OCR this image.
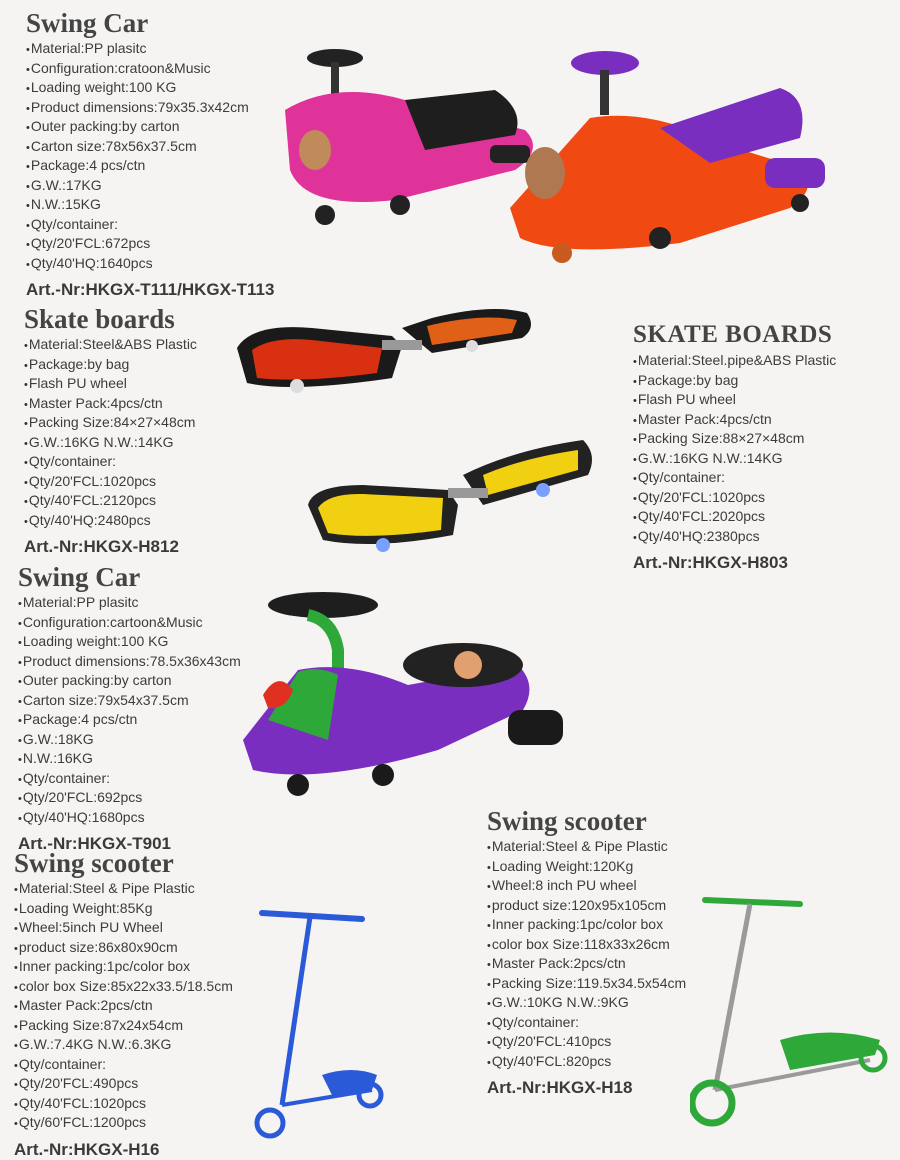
Swing Car
• Material:PP plasitc
• Configuration:cratoon&Music
• Loading weight:100 KG
• Product dimensions:79x35.3x42cm
• Outer packing:by carton
• Carton size:78x56x37.5cm
• Package:4 pcs/ctn
• G.W.:17KG
• N.W.:15KG
• Qty/container:
• Qty/20'FCL:672pcs
• Qty/40'HQ:1640pcs
Art.-Nr:HKGX-T111/HKGX-T113
Skate boards
• Material:Steel&ABS Plastic
• Package:by bag
• Flash PU wheel
• Master Pack:4pcs/ctn
• Packing Size:84×27×48cm
• G.W.:16KG N.W.:14KG
• Qty/container:
• Qty/20'FCL:1020pcs
• Qty/40'FCL:2120pcs
• Qty/40'HQ:2480pcs
Art.-Nr:HKGX-H812
SKATE BOARDS
• Material:Steel.pipe&ABS Plastic
• Package:by bag
• Flash PU wheel
• Master Pack:4pcs/ctn
• Packing Size:88×27×48cm
• G.W.:16KG N.W.:14KG
• Qty/container:
• Qty/20'FCL:1020pcs
• Qty/40'FCL:2020pcs
• Qty/40'HQ:2380pcs
Art.-Nr:HKGX-H803
Swing Car
• Material:PP plasitc
• Configuration:cartoon&Music
• Loading weight:100 KG
• Product dimensions:78.5x36x43cm
• Outer packing:by carton
• Carton size:79x54x37.5cm
• Package:4 pcs/ctn
• G.W.:18KG
• N.W.:16KG
• Qty/container:
• Qty/20'FCL:692pcs
• Qty/40'HQ:1680pcs
Art.-Nr:HKGX-T901
Swing scooter
• Material:Steel & Pipe Plastic
• Loading Weight:85Kg
• Wheel:5inch PU Wheel
• product size:86x80x90cm
• Inner packing:1pc/color box
• color box Size:85x22x33.5/18.5cm
• Master Pack:2pcs/ctn
• Packing Size:87x24x54cm
• G.W.:7.4KG N.W.:6.3KG
• Qty/container:
• Qty/20'FCL:490pcs
• Qty/40'FCL:1020pcs
• Qty/60'FCL:1200pcs
Art.-Nr:HKGX-H16
Swing scooter
• Material:Steel & Pipe Plastic
• Loading Weight:120Kg
• Wheel:8 inch PU wheel
• product size:120x95x105cm
• Inner packing:1pc/color box
• color box Size:118x33x26cm
• Master Pack:2pcs/ctn
• Packing Size:119.5x34.5x54cm
• G.W.:10KG N.W.:9KG
• Qty/container:
• Qty/20'FCL:410pcs
• Qty/40'FCL:820pcs
Art.-Nr:HKGX-H18
